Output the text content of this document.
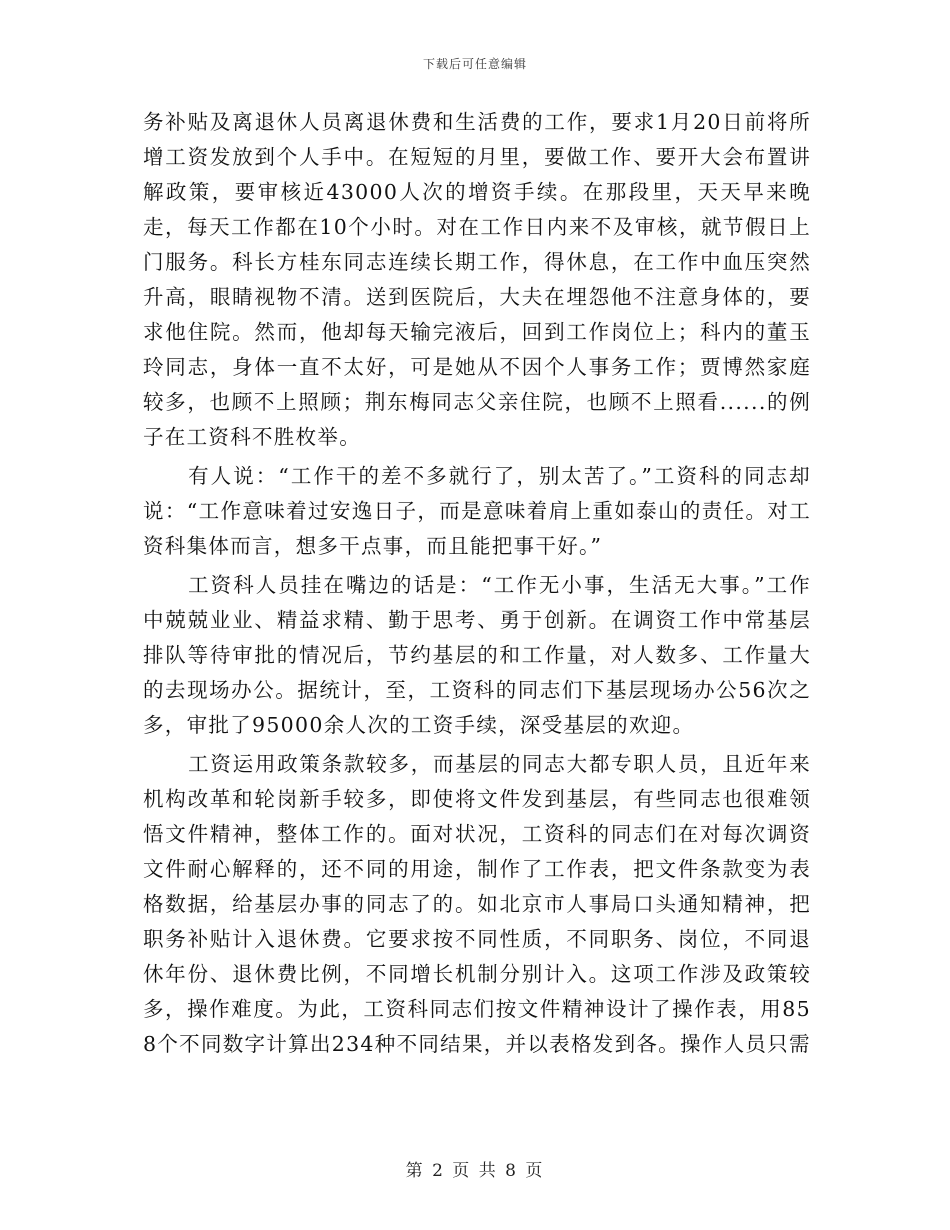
下载后可任意编辑

务补贴及离退休人员离退休费和生活费的工作，要求1月20日前将所增工资发放到个人手中。在短短的月里，要做工作、要开大会布置讲解政策，要审核近43000人次的增资手续。在那段里，天天早来晚走，每天工作都在10个小时。对在工作日内来不及审核，就节假日上门服务。科长方桂东同志连续长期工作，得休息，在工作中血压突然升高，眼睛视物不清。送到医院后，大夫在埋怨他不注意身体的，要求他住院。然而，他却每天输完液后，回到工作岗位上；科内的董玉玲同志，身体一直不太好，可是她从不因个人事务工作；贾博然家庭较多，也顾不上照顾；荆东梅同志父亲住院，也顾不上照看......的例子在工资科不胜枚举。

有人说：“工作干的差不多就行了，别太苦了。”工资科的同志却说：“工作意味着过安逸日子，而是意味着肩上重如泰山的责任。对工资科集体而言，想多干点事，而且能把事干好。”

工资科人员挂在嘴边的话是：“工作无小事，生活无大事。”工作中兢兢业业、精益求精、勤于思考、勇于创新。在调资工作中常基层排队等待审批的情况后，节约基层的和工作量，对人数多、工作量大的去现场办公。据统计，至，工资科的同志们下基层现场办公56次之多，审批了95000余人次的工资手续，深受基层的欢迎。

工资运用政策条款较多，而基层的同志大都专职人员，且近年来机构改革和轮岗新手较多，即使将文件发到基层，有些同志也很难领悟文件精神，整体工作的。面对状况，工资科的同志们在对每次调资文件耐心解释的，还不同的用途，制作了工作表，把文件条款变为表格数据，给基层办事的同志了的。如北京市人事局口头通知精神，把职务补贴计入退休费。它要求按不同性质，不同职务、岗位，不同退休年份、退休费比例，不同增长机制分别计入。这项工作涉及政策较多，操作难度。为此，工资科同志们按文件精神设计了操作表，用858个不同数字计算出234种不同结果，并以表格发到各。操作人员只需

第 2 页 共 8 页
